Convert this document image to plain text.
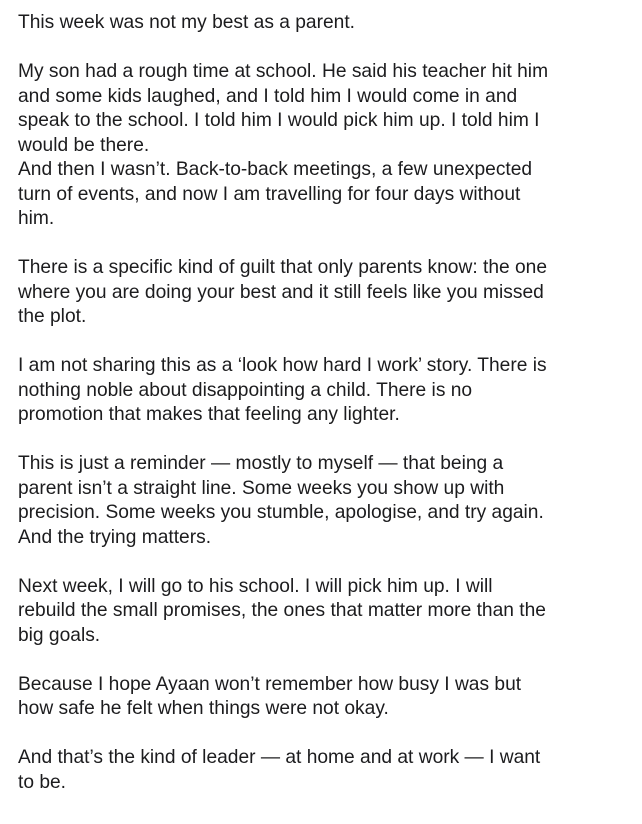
This week was not my best as a parent.

My son had a rough time at school. He said his teacher hit him
and some kids laughed, and I told him I would come in and
speak to the school. I told him I would pick him up. I told him I
would be there.
And then I wasn’t. Back-to-back meetings, a few unexpected
turn of events, and now I am travelling for four days without
him.

There is a specific kind of guilt that only parents know: the one
where you are doing your best and it still feels like you missed
the plot.

I am not sharing this as a ‘look how hard I work’ story. There is
nothing noble about disappointing a child. There is no
promotion that makes that feeling any lighter.

This is just a reminder — mostly to myself — that being a
parent isn’t a straight line. Some weeks you show up with
precision. Some weeks you stumble, apologise, and try again.
And the trying matters.

Next week, I will go to his school. I will pick him up. I will
rebuild the small promises, the ones that matter more than the
big goals.

Because I hope Ayaan won’t remember how busy I was but
how safe he felt when things were not okay.

And that’s the kind of leader — at home and at work — I want
to be.
